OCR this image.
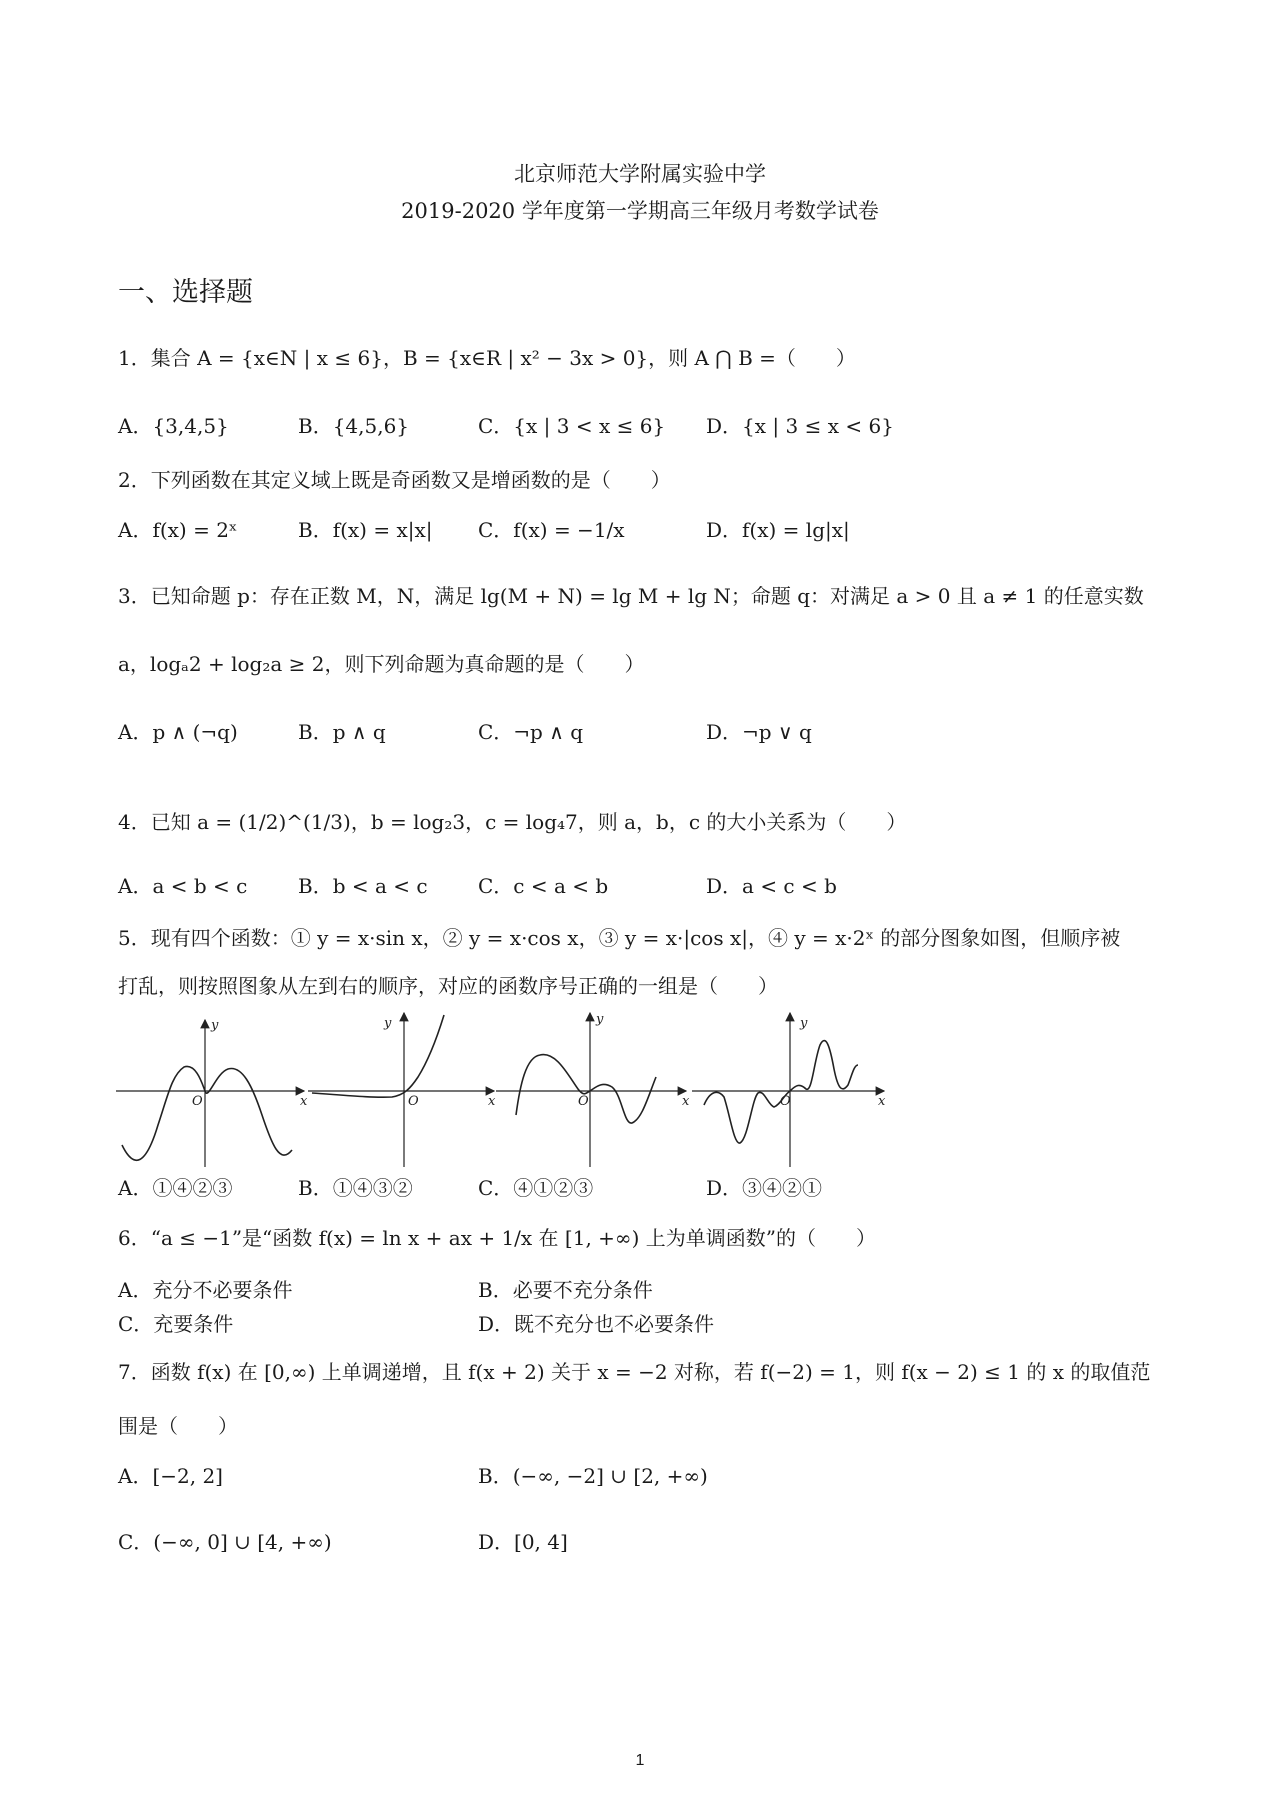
北京师范大学附属实验中学
2019-2020 学年度第一学期高三年级月考数学试卷
一、选择题
1．集合 A = {x∈N | x ≤ 6}，B = {x∈R | x² − 3x > 0}，则 A ⋂ B =（　　）
A．{3,4,5}	B．{4,5,6}	C．{x | 3 < x ≤ 6} D．{x | 3 ≤ x < 6}
2．下列函数在其定义域上既是奇函数又是增函数的是（　　）
A．f(x) = 2ˣ	B．f(x) = x|x| C．f(x) = −1/x	D．f(x) = lg|x|
3．已知命题 p：存在正数 M，N，满足 lg(M + N) = lg M + lg N；命题 q：对满足 a > 0 且 a ≠ 1 的任意实数
a，logₐ2 + log₂a ≥ 2，则下列命题为真命题的是（　　）
A．p ∧ (¬q)	B．p ∧ q	C．¬p ∧ q	D．¬p ∨ q
4．已知 a = (1/2)^(1/3)，b = log₂3，c = log₄7，则 a，b，c 的大小关系为（　　）
A．a < b < c	B．b < a < c	C．c < a < b	D．a < c < b
5．现有四个函数：① y = x·sin x，② y = x·cos x，③ y = x·|cos x|，④ y = x·2ˣ 的部分图象如图，但顺序被
打乱，则按照图象从左到右的顺序，对应的函数序号正确的一组是（　　）
y
x
O
y
x
O
y
x
O
y
x
O
A．①④②③	B．①④③②	C．④①②③	D．③④②①
6．“a ≤ −1”是“函数 f(x) = ln x + ax + 1/x 在 [1, +∞) 上为单调函数”的（　　）
A．充分不必要条件	B．必要不充分条件
C．充要条件	D．既不充分也不必要条件
7．函数 f(x) 在 [0,∞) 上单调递增，且 f(x + 2) 关于 x = −2 对称，若 f(−2) = 1，则 f(x − 2) ≤ 1 的 x 的取值范
围是（　　）
A．[−2, 2]	B．(−∞, −2] ∪ [2, +∞)
C．(−∞, 0] ∪ [4, +∞)	D．[0, 4]
1
